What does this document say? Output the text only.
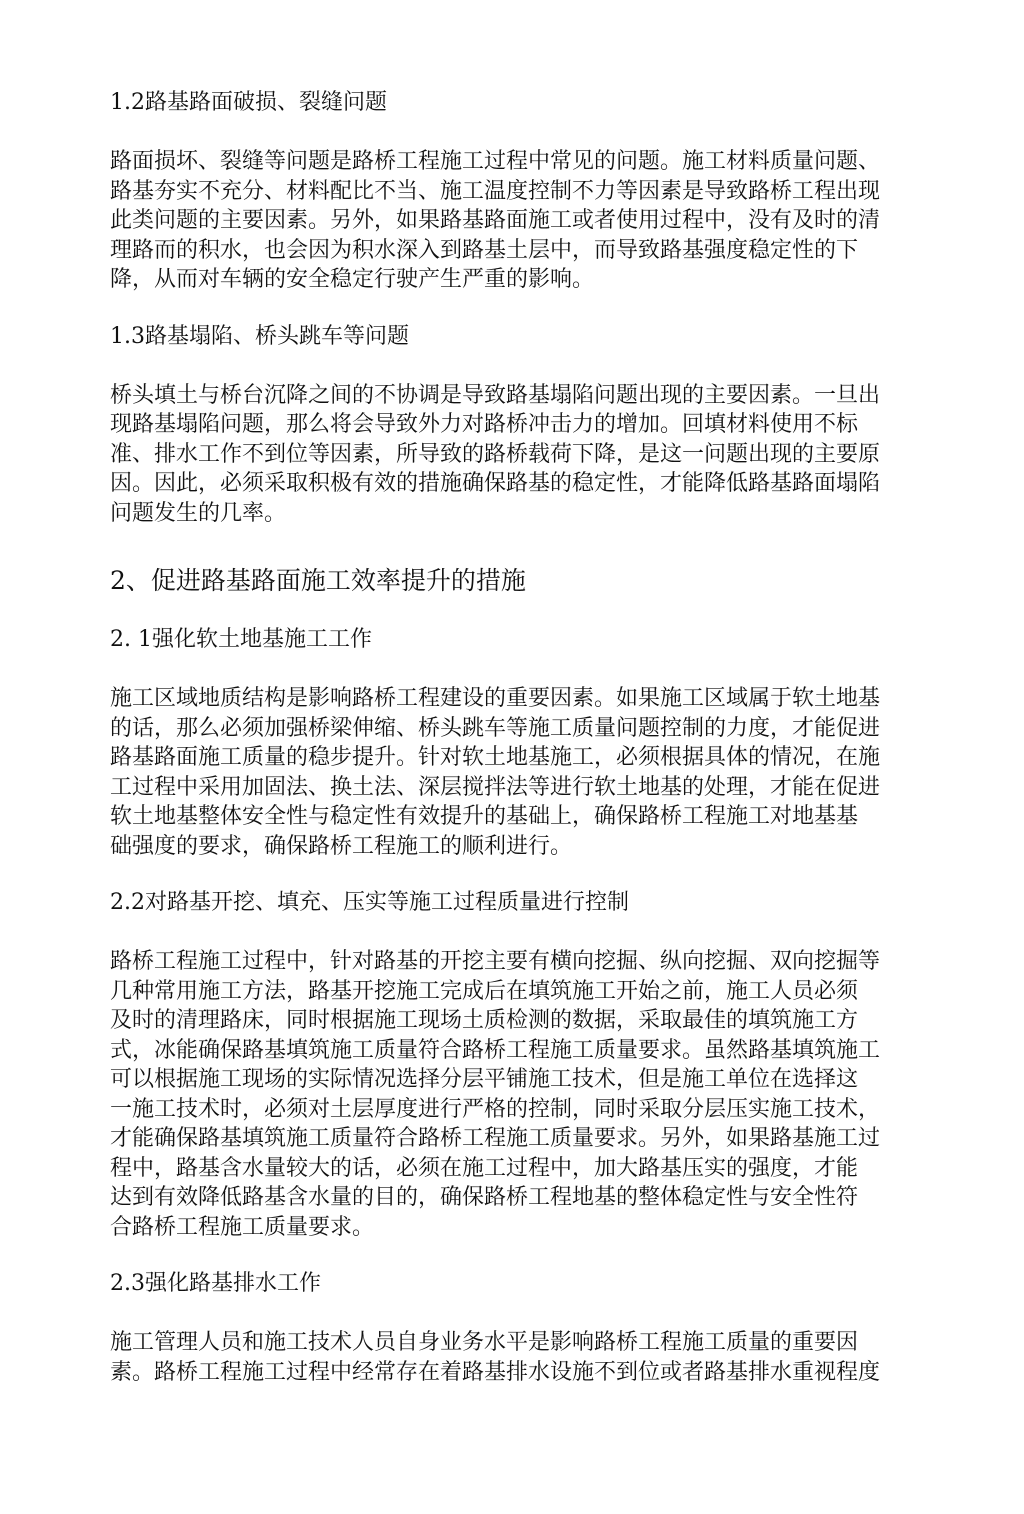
1.2路基路面破损、裂缝问题

路面损坏、裂缝等问题是路桥工程施工过程中常见的问题。施工材料质量问题、
路基夯实不充分、材料配比不当、施工温度控制不力等因素是导致路桥工程出现
此类问题的主要因素。另外，如果路基路面施工或者使用过程中，没有及时的清
理路而的积水，也会因为积水深入到路基土层中，而导致路基强度稳定性的下
降，从而对车辆的安全稳定行驶产生严重的影响。

1.3路基塌陷、桥头跳车等问题

桥头填土与桥台沉降之间的不协调是导致路基塌陷问题出现的主要因素。一旦出
现路基塌陷问题，那么将会导致外力对路桥冲击力的增加。回填材料使用不标
准、排水工作不到位等因素，所导致的路桥载荷下降，是这一问题出现的主要原
因。因此，必须采取积极有效的措施确保路基的稳定性，才能降低路基路面塌陷
问题发生的几率。

2、促进路基路面施工效率提升的措施

2. 1强化软土地基施工工作

施工区域地质结构是影响路桥工程建设的重要因素。如果施工区域属于软土地基
的话，那么必须加强桥梁伸缩、桥头跳车等施工质量问题控制的力度，才能促进
路基路面施工质量的稳步提升。针对软土地基施工，必须根据具体的情况，在施
工过程中采用加固法、换土法、深层搅拌法等进行软土地基的处理，才能在促进
软土地基整体安全性与稳定性有效提升的基础上，确保路桥工程施工对地基基
础强度的要求，确保路桥工程施工的顺利进行。

2.2对路基开挖、填充、压实等施工过程质量进行控制

路桥工程施工过程中，针对路基的开挖主要有横向挖掘、纵向挖掘、双向挖掘等
几种常用施工方法，路基开挖施工完成后在填筑施工开始之前，施工人员必须
及时的清理路床，同时根据施工现场土质检测的数据，采取最佳的填筑施工方
式，冰能确保路基填筑施工质量符合路桥工程施工质量要求。虽然路基填筑施工
可以根据施工现场的实际情况选择分层平铺施工技术，但是施工单位在选择这
一施工技术时，必须对土层厚度进行严格的控制，同时采取分层压实施工技术，
才能确保路基填筑施工质量符合路桥工程施工质量要求。另外，如果路基施工过
程中，路基含水量较大的话，必须在施工过程中，加大路基压实的强度，才能
达到有效降低路基含水量的目的，确保路桥工程地基的整体稳定性与安全性符
合路桥工程施工质量要求。

2.3强化路基排水工作

施工管理人员和施工技术人员自身业务水平是影响路桥工程施工质量的重要因
素。路桥工程施工过程中经常存在着路基排水设施不到位或者路基排水重视程度
